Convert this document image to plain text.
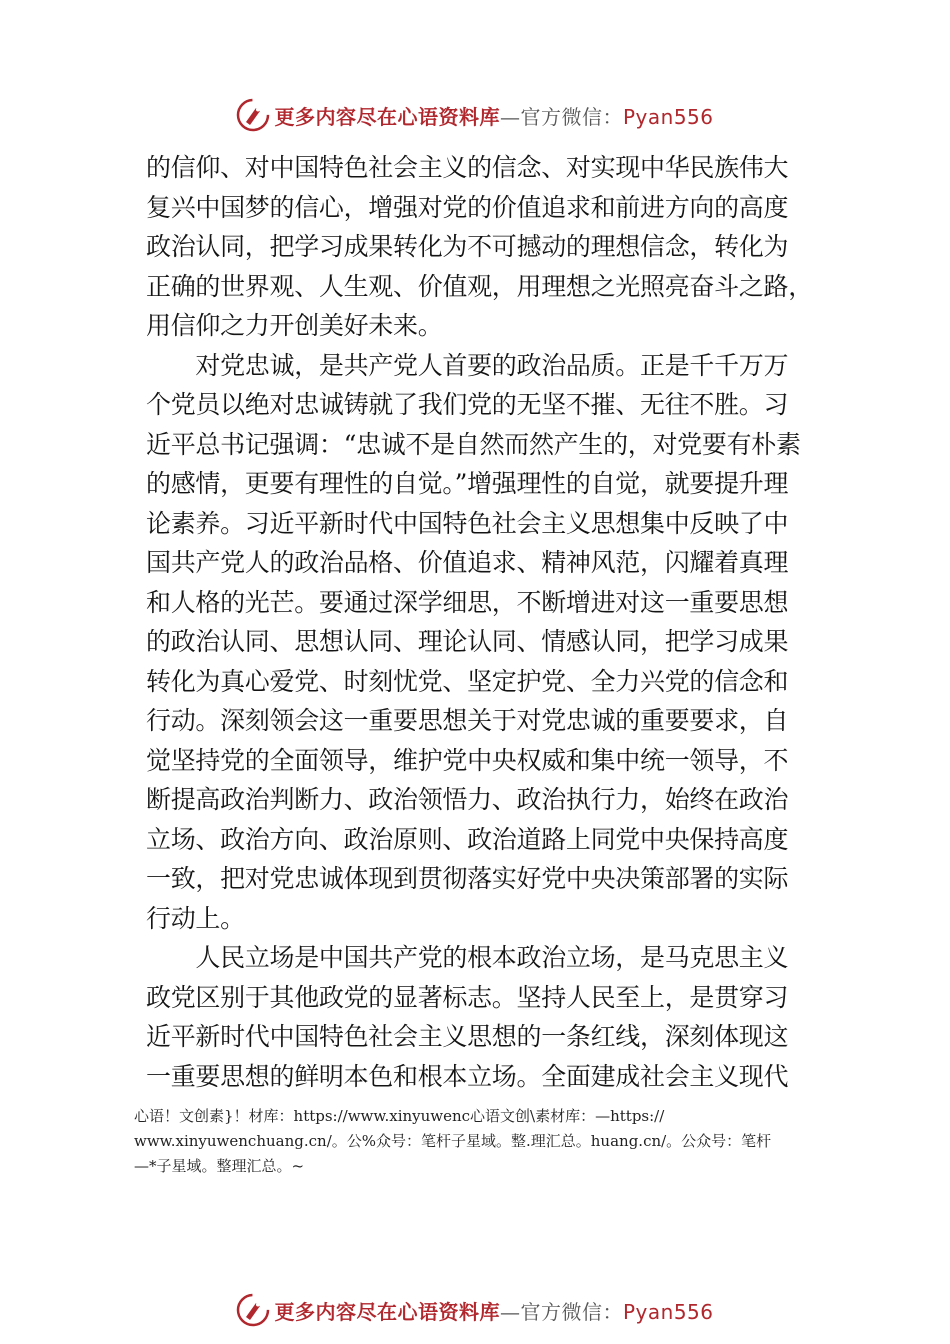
更多内容尽在心语资料库—官方微信：Pyan556
的信仰、对中国特色社会主义的信念、对实现中华民族伟大
复兴中国梦的信心，增强对党的价值追求和前进方向的高度
政治认同，把学习成果转化为不可撼动的理想信念，转化为
正确的世界观、人生观、价值观，用理想之光照亮奋斗之路，
用信仰之力开创美好未来。
　　对党忠诚，是共产党人首要的政治品质。正是千千万万
个党员以绝对忠诚铸就了我们党的无坚不摧、无往不胜。习
近平总书记强调：“忠诚不是自然而然产生的，对党要有朴素
的感情，更要有理性的自觉。”增强理性的自觉，就要提升理
论素养。习近平新时代中国特色社会主义思想集中反映了中
国共产党人的政治品格、价值追求、精神风范，闪耀着真理
和人格的光芒。要通过深学细思，不断增进对这一重要思想
的政治认同、思想认同、理论认同、情感认同，把学习成果
转化为真心爱党、时刻忧党、坚定护党、全力兴党的信念和
行动。深刻领会这一重要思想关于对党忠诚的重要要求，自
觉坚持党的全面领导，维护党中央权威和集中统一领导，不
断提高政治判断力、政治领悟力、政治执行力，始终在政治
立场、政治方向、政治原则、政治道路上同党中央保持高度
一致，把对党忠诚体现到贯彻落实好党中央决策部署的实际
行动上。
　　人民立场是中国共产党的根本政治立场，是马克思主义
政党区别于其他政党的显著标志。坚持人民至上，是贯穿习
近平新时代中国特色社会主义思想的一条红线，深刻体现这
一重要思想的鲜明本色和根本立场。全面建成社会主义现代
心语！文创素}！材库：https://www.xinyuwenc心语文创\素材库：—https://
www.xinyuwenchuang.cn/。公%众号：笔杆子星域。整.理汇总。huang.cn/。公众号：笔杆
—*子星域。整理汇总。~
更多内容尽在心语资料库—官方微信：Pyan556
